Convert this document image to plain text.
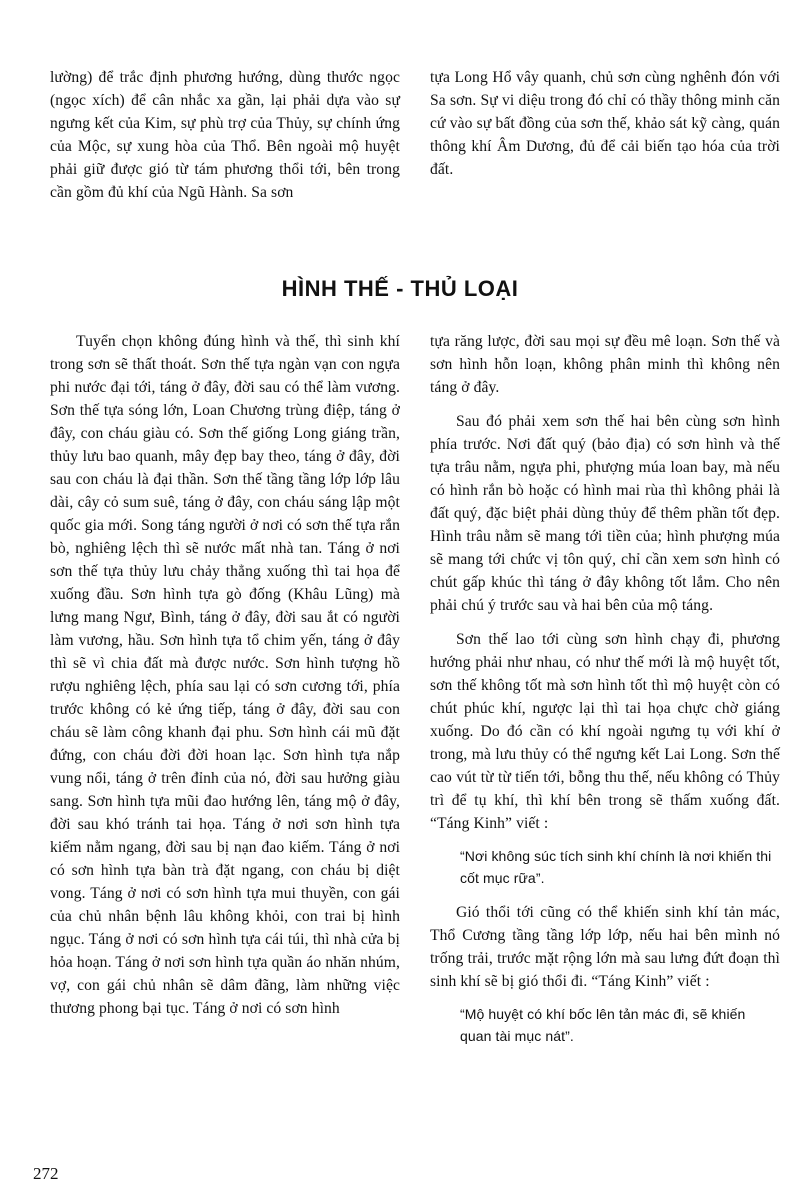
lường) để trắc định phương hướng, dùng thước ngọc (ngọc xích) để cân nhắc xa gần, lại phải dựa vào sự ngưng kết của Kim, sự phù trợ của Thủy, sự chính ứng của Mộc, sự xung hòa của Thổ. Bên ngoài mộ huyệt phải giữ được gió từ tám phương thổi tới, bên trong cần gồm đủ khí của Ngũ Hành. Sa sơn

tựa Long Hổ vây quanh, chủ sơn cùng nghênh đón với Sa sơn. Sự vi diệu trong đó chỉ có thầy thông minh căn cứ vào sự bất đồng của sơn thế, khảo sát kỹ càng, quán thông khí Âm Dương, đủ để cải biến tạo hóa của trời đất.

HÌNH THẾ - THỦ LOẠI

Tuyển chọn không đúng hình và thế, thì sinh khí trong sơn sẽ thất thoát. Sơn thế tựa ngàn vạn con ngựa phi nước đại tới, táng ở đây, đời sau có thể làm vương. Sơn thế tựa sóng lớn, Loan Chương trùng điệp, táng ở đây, con cháu giàu có. Sơn thế giống Long giáng trần, thủy lưu bao quanh, mây đẹp bay theo, táng ở đây, đời sau con cháu là đại thần. Sơn thế tầng tầng lớp lớp lâu dài, cây cỏ sum suê, táng ở đây, con cháu sáng lập một quốc gia mới. Song táng người ở nơi có sơn thế tựa rắn bò, nghiêng lệch thì sẽ nước mất nhà tan. Táng ở nơi sơn thế tựa thủy lưu chảy thẳng xuống thì tai họa để xuống đầu. Sơn hình tựa gò đống (Khâu Lũng) mà lưng mang Ngư, Bình, táng ở đây, đời sau ắt có người làm vương, hầu. Sơn hình tựa tổ chim yến, táng ở đây thì sẽ vì chia đất mà được nước. Sơn hình tượng hồ rượu nghiêng lệch, phía sau lại có sơn cương tới, phía trước không có kẻ ứng tiếp, táng ở đây, đời sau con cháu sẽ làm công khanh đại phu. Sơn hình cái mũ đặt đứng, con cháu đời đời hoan lạc. Sơn hình tựa nắp vung nổi, táng ở trên đỉnh của nó, đời sau hưởng giàu sang. Sơn hình tựa mũi đao hướng lên, táng mộ ở đây, đời sau khó tránh tai họa. Táng ở nơi sơn hình tựa kiếm nằm ngang, đời sau bị nạn đao kiếm. Táng ở nơi có sơn hình tựa bàn trà đặt ngang, con cháu bị diệt vong. Táng ở nơi có sơn hình tựa mui thuyền, con gái của chủ nhân bệnh lâu không khỏi, con trai bị hình ngục. Táng ở nơi có sơn hình tựa cái túi, thì nhà cửa bị hỏa hoạn. Táng ở nơi sơn hình tựa quần áo nhăn nhúm, vợ, con gái chủ nhân sẽ dâm đãng, làm những việc thương phong bại tục. Táng ở nơi có sơn hình

tựa răng lược, đời sau mọi sự đều mê loạn. Sơn thế và sơn hình hỗn loạn, không phân minh thì không nên táng ở đây.

Sau đó phải xem sơn thế hai bên cùng sơn hình phía trước. Nơi đất quý (bảo địa) có sơn hình và thế tựa trâu nằm, ngựa phi, phượng múa loan bay, mà nếu có hình rắn bò hoặc có hình mai rùa thì không phải là đất quý, đặc biệt phải dùng thủy để thêm phần tốt đẹp. Hình trâu nằm sẽ mang tới tiền của; hình phượng múa sẽ mang tới chức vị tôn quý, chỉ cần xem sơn hình có chút gấp khúc thì táng ở đây không tốt lắm. Cho nên phải chú ý trước sau và hai bên của mộ táng.

Sơn thế lao tới cùng sơn hình chạy đi, phương hướng phải như nhau, có như thế mới là mộ huyệt tốt, sơn thế không tốt mà sơn hình tốt thì mộ huyệt còn có chút phúc khí, ngược lại thì tai họa chực chờ giáng xuống. Do đó cần có khí ngoài ngưng tụ với khí ở trong, mà lưu thủy có thể ngưng kết Lai Long. Sơn thế cao vút từ từ tiến tới, bỗng thu thế, nếu không có Thủy trì để tụ khí, thì khí bên trong sẽ thấm xuống đất. “Táng Kinh” viết :

“Nơi không súc tích sinh khí chính là nơi khiến thi cốt mục rữa”.

Gió thổi tới cũng có thể khiến sinh khí tản mác, Thổ Cương tầng tầng lớp lớp, nếu hai bên mình nó trống trải, trước mặt rộng lớn mà sau lưng đứt đoạn thì sinh khí sẽ bị gió thổi đi. “Táng Kinh” viết :

“Mộ huyệt có khí bốc lên tản mác đi, sẽ khiến quan tài mục nát”.

272
